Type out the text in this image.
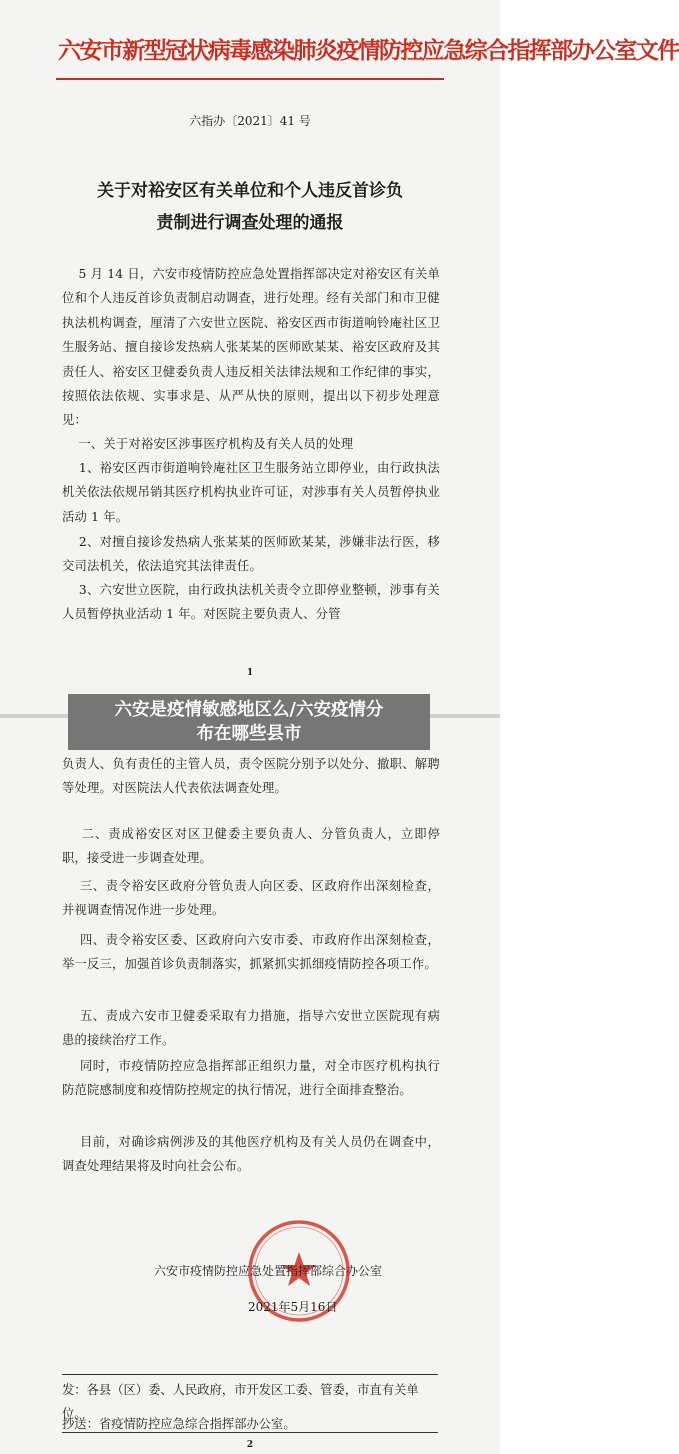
六安市新型冠状病毒感染肺炎疫情防控应急综合指挥部办公室文件
六指办〔2021〕41 号
关于对裕安区有关单位和个人违反首诊负
责制进行调查处理的通报

5 月 14 日，六安市疫情防控应急处置指挥部决定对裕安区有关单位和个人违反首诊负责制启动调查，进行处理。经有关部门和市卫健执法机构调查，厘清了六安世立医院、裕安区西市街道响铃庵社区卫生服务站、擅自接诊发热病人张某某的医师欧某某、裕安区政府及其责任人、裕安区卫健委负责人违反相关法律法规和工作纪律的事实，按照依法依规、实事求是、从严从快的原则，提出以下初步处理意见：

一、关于对裕安区涉事医疗机构及有关人员的处理

1、裕安区西市街道响铃庵社区卫生服务站立即停业，由行政执法机关依法依规吊销其医疗机构执业许可证，对涉事有关人员暂停执业活动 1 年。

2、对擅自接诊发热病人张某某的医师欧某某，涉嫌非法行医，移交司法机关，依法追究其法律责任。

3、六安世立医院，由行政执法机关责令立即停业整顿，涉事有关人员暂停执业活动 1 年。对医院主要负责人、分管

1

负责人、负有责任的主管人员，责令医院分别予以处分、撤职、解聘等处理。对医院法人代表依法调查处理。

二、责成裕安区对区卫健委主要负责人、分管负责人，立即停职，接受进一步调查处理。

三、责令裕安区政府分管负责人向区委、区政府作出深刻检查，并视调查情况作进一步处理。

四、责令裕安区委、区政府向六安市委、市政府作出深刻检查，举一反三，加强首诊负责制落实，抓紧抓实抓细疫情防控各项工作。

五、责成六安市卫健委采取有力措施，指导六安世立医院现有病患的接续治疗工作。

同时，市疫情防控应急指挥部正组织力量，对全市医疗机构执行防范院感制度和疫情防控规定的执行情况，进行全面排查整治。

目前，对确诊病例涉及的其他医疗机构及有关人员仍在调查中，调查处理结果将及时向社会公布。

六安市疫情防控应急处置指挥部综合办公室
2021年5月16日

发：各县（区）委、人民政府，市开发区工委、管委，市直有关单位。

抄送：省疫情防控应急综合指挥部办公室。

2
六安是疫情敏感地区么/六安疫情分
布在哪些县市
